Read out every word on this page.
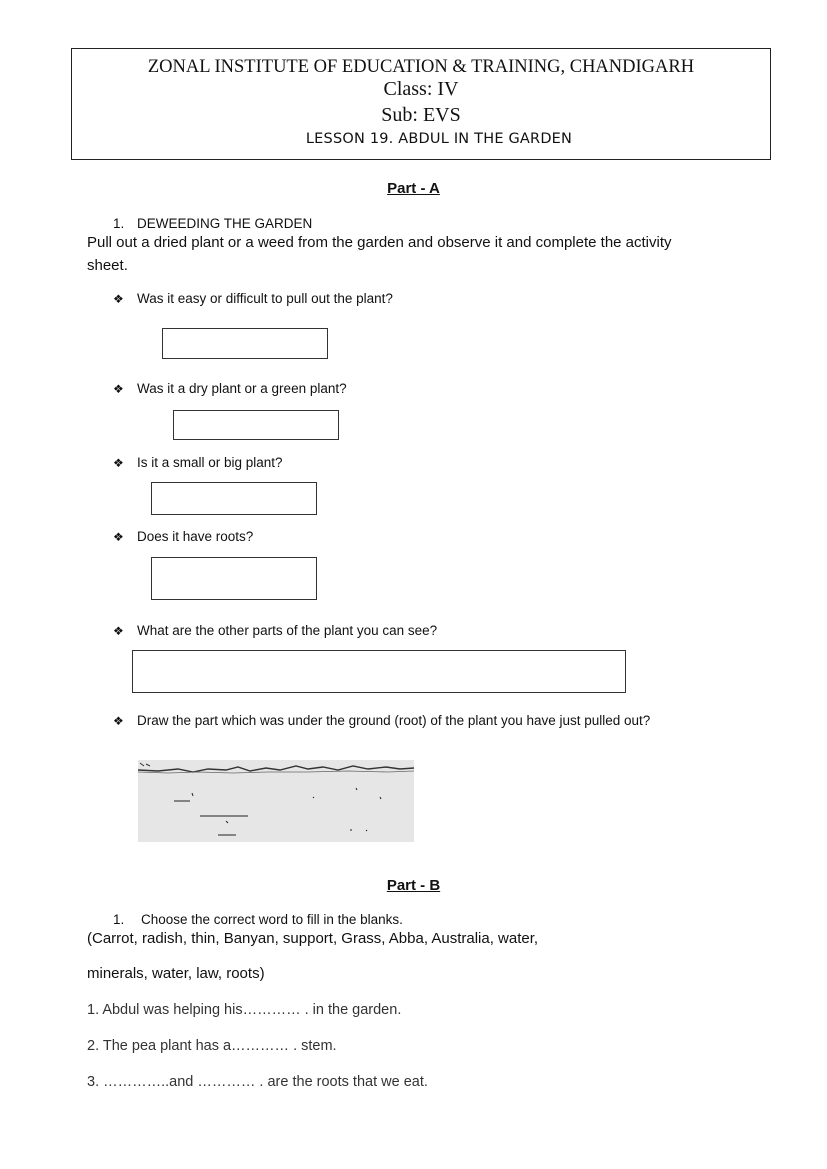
ZONAL INSTITUTE OF EDUCATION & TRAINING, CHANDIGARH
Class: IV
Sub: EVS
LESSON 19. ABDUL IN THE GARDEN
Part - A
1. DEWEEDING THE GARDEN
Pull out a dried plant or a weed from the garden and observe it and complete the activity
sheet.
❖ Was it easy or difficult to pull out the plant?
❖ Was it a dry plant or a green plant?
❖ Is it a small or big plant?
❖ Does it have roots?
❖ What are the other parts of the plant you can see?
❖ Draw the part which was under the ground (root) of the plant you have just pulled out?
Part - B
1. Choose the correct word to fill in the blanks.
(Carrot, radish, thin, Banyan, support, Grass, Abba, Australia, water,
minerals, water, law, roots)
1. Abdul was helping his………… . in the garden.
2. The pea plant has a………… . stem.
3. …………..and ………… . are the roots that we eat.
